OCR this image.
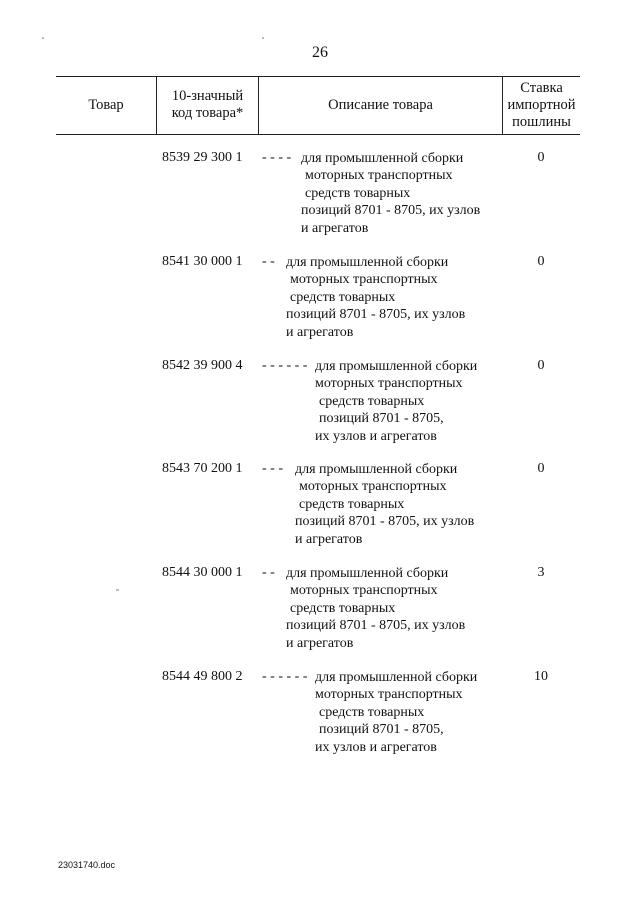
26
Товар
10-значный
код товара*
Описание товара
Ставка
импортной
пошлины
8539 29 300 1 - - - - для промышленной сборки
моторных транспортных
средств товарных
позиций 8701 - 8705, их узлов
и агрегатов
0
8541 30 000 1 - - для промышленной сборки
моторных транспортных
средств товарных
позиций 8701 - 8705, их узлов
и агрегатов
0
8542 39 900 4 - - - - - - для промышленной сборки
моторных транспортных
средств товарных
позиций 8701 - 8705,
их узлов и агрегатов
0
8543 70 200 1 - - - для промышленной сборки
моторных транспортных
средств товарных
позиций 8701 - 8705, их узлов
и агрегатов
0
8544 30 000 1 - - для промышленной сборки
моторных транспортных
средств товарных
позиций 8701 - 8705, их узлов
и агрегатов
3
8544 49 800 2 - - - - - - для промышленной сборки
моторных транспортных
средств товарных
позиций 8701 - 8705,
их узлов и агрегатов
10
23031740.doc
